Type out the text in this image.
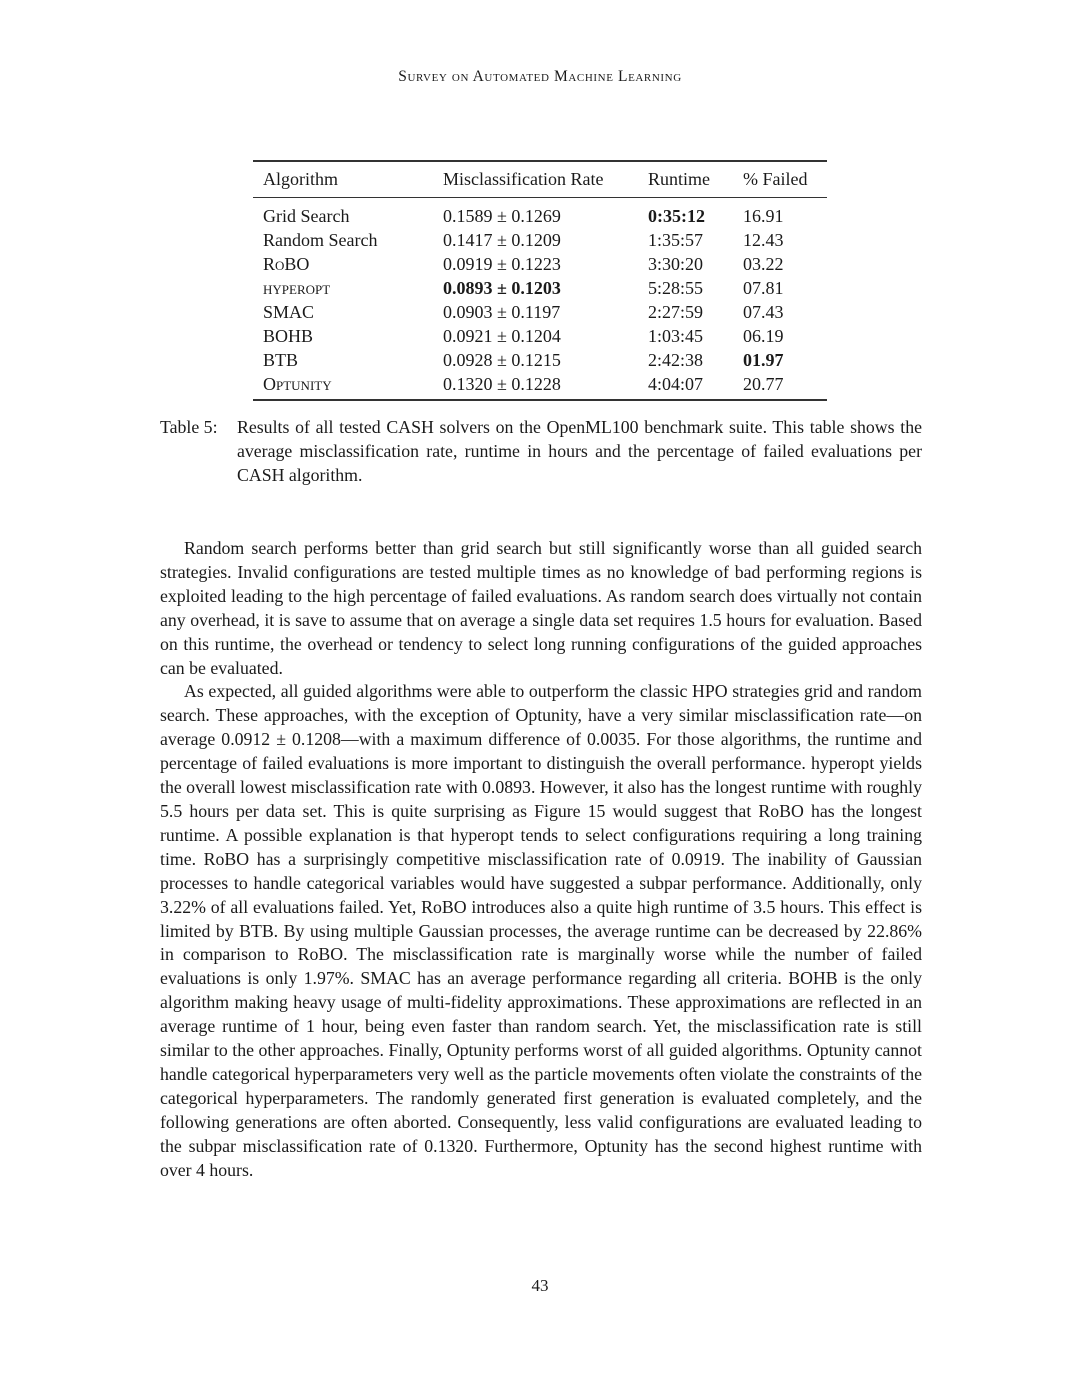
Survey on Automated Machine Learning
Algorithm	Misclassification Rate	Runtime	% Failed
Grid Search	0.1589 ± 0.1269	0:35:12	16.91
Random Search	0.1417 ± 0.1209	1:35:57	12.43
RoBO	0.0919 ± 0.1223	3:30:20	03.22
hyperopt	0.0893 ± 0.1203	5:28:55	07.81
SMAC	0.0903 ± 0.1197	2:27:59	07.43
BOHB	0.0921 ± 0.1204	1:03:45	06.19
BTB	0.0928 ± 0.1215	2:42:38	01.97
Optunity	0.1320 ± 0.1228	4:04:07	20.77
Table 5:	Results of all tested CASH solvers on the OpenML100 benchmark suite. This table shows the average misclassification rate, runtime in hours and the percentage of failed evaluations per CASH algorithm.

Random search performs better than grid search but still significantly worse than all guided search strategies. Invalid configurations are tested multiple times as no knowledge of bad performing regions is exploited leading to the high percentage of failed evaluations. As random search does virtually not contain any overhead, it is save to assume that on average a single data set requires 1.5 hours for evaluation. Based on this runtime, the overhead or tendency to select long running configurations of the guided approaches can be evaluated.

As expected, all guided algorithms were able to outperform the classic HPO strategies grid and random search. These approaches, with the exception of Optunity, have a very similar misclassification rate—on average 0.0912 ± 0.1208—with a maximum difference of 0.0035. For those algorithms, the runtime and percentage of failed evaluations is more important to distinguish the overall performance. hyperopt yields the overall lowest misclassification rate with 0.0893. However, it also has the longest runtime with roughly 5.5 hours per data set. This is quite surprising as Figure 15 would suggest that RoBO has the longest runtime. A possible explanation is that hyperopt tends to select configurations requiring a long training time. RoBO has a surprisingly competitive misclassification rate of 0.0919. The inability of Gaussian processes to handle categorical variables would have suggested a subpar performance. Additionally, only 3.22% of all evaluations failed. Yet, RoBO introduces also a quite high runtime of 3.5 hours. This effect is limited by BTB. By using multiple Gaussian processes, the average runtime can be decreased by 22.86% in comparison to RoBO. The misclassification rate is marginally worse while the number of failed evaluations is only 1.97%. SMAC has an average performance regarding all criteria. BOHB is the only algorithm making heavy usage of multi-fidelity approximations. These approximations are reflected in an average runtime of 1 hour, being even faster than random search. Yet, the misclassification rate is still similar to the other approaches. Finally, Optunity performs worst of all guided algorithms. Optunity cannot handle categorical hyperparameters very well as the particle movements often violate the constraints of the categorical hyperparameters. The randomly generated first generation is evaluated completely, and the following generations are often aborted. Consequently, less valid configurations are evaluated leading to the subpar misclassification rate of 0.1320. Furthermore, Optunity has the second highest runtime with over 4 hours.

43
